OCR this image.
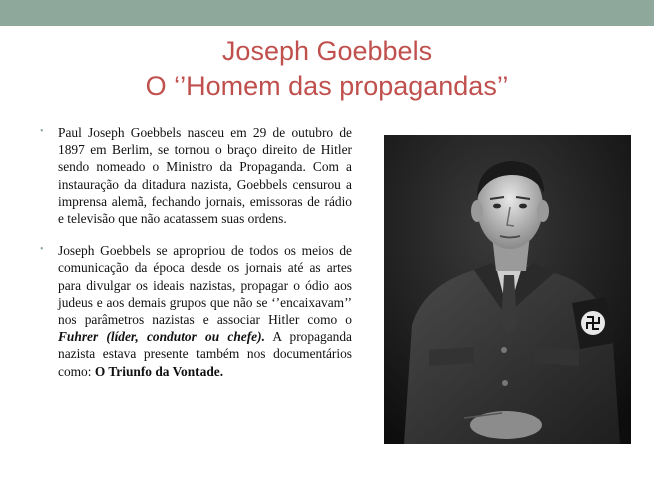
Joseph Goebbels
O ‘’Homem das propagandas’’
• Paul Joseph Goebbels nasceu em 29 de outubro de 1897 em Berlim, se tornou o braço direito de Hitler sendo nomeado o Ministro da Propaganda. Com a instauração da ditadura nazista, Goebbels censurou a imprensa alemã, fechando jornais, emissoras de rádio e televisão que não acatassem suas ordens.
• Joseph Goebbels se apropriou de todos os meios de comunicação da época desde os jornais até as artes para divulgar os ideais nazistas, propagar o ódio aos judeus e aos demais grupos que não se ‘’encaixavam’’ nos parâmetros nazistas e associar Hitler como o Fuhrer (líder, condutor ou chefe). A propaganda nazista estava presente também nos documentários como: O Triunfo da Vontade.
